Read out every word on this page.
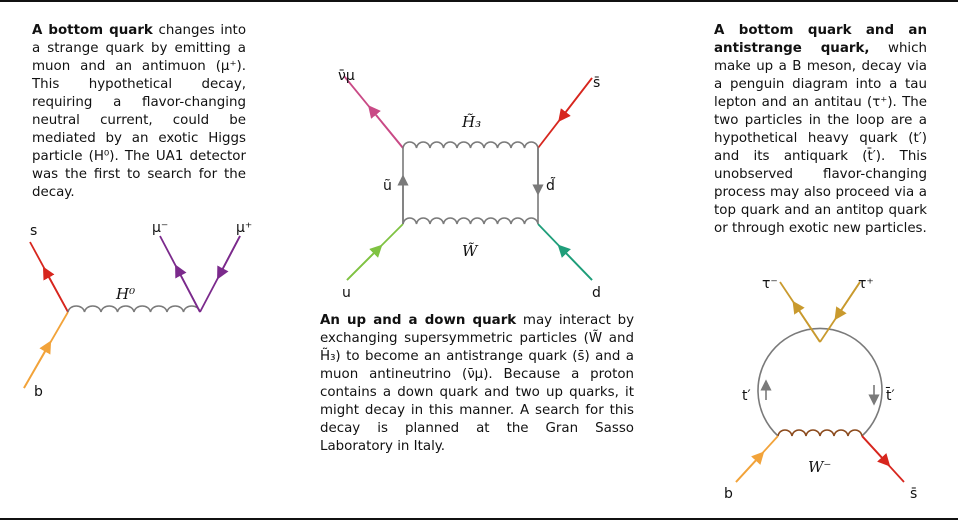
A bottom quark changes into a strange quark by emitting a muon and an antimuon (μ⁺). This hypothetical decay, requiring a flavor-changing neutral current, could be mediated by an exotic Higgs particle (H⁰). The UA1 detector was the first to search for the decay.
An up and a down quark may interact by exchanging supersymmetric particles (W̃ and H̃₃) to become an antistrange quark (s̄) and a muon antineutrino (ν̄μ). Because a proton contains a down quark and two up quarks, it might decay in this manner. A search for this decay is planned at the Gran Sasso Laboratory in Italy.
A bottom quark and an antistrange quark, which make up a B meson, decay via a penguin diagram into a tau lepton and an antitau (τ⁺). The two particles in the loop are a hypothetical heavy quark (t′) and its antiquark (t̄′). This unobserved flavor-changing process may also proceed via a top quark and an antitop quark or through exotic new particles.
s
b
μ⁻	μ⁺
H⁰
ν̄μ	s̄
H̃₃
ũ	d̃
W̃
u	d
τ⁻	τ⁺
t′	t̄′
W⁻
b	s̄
